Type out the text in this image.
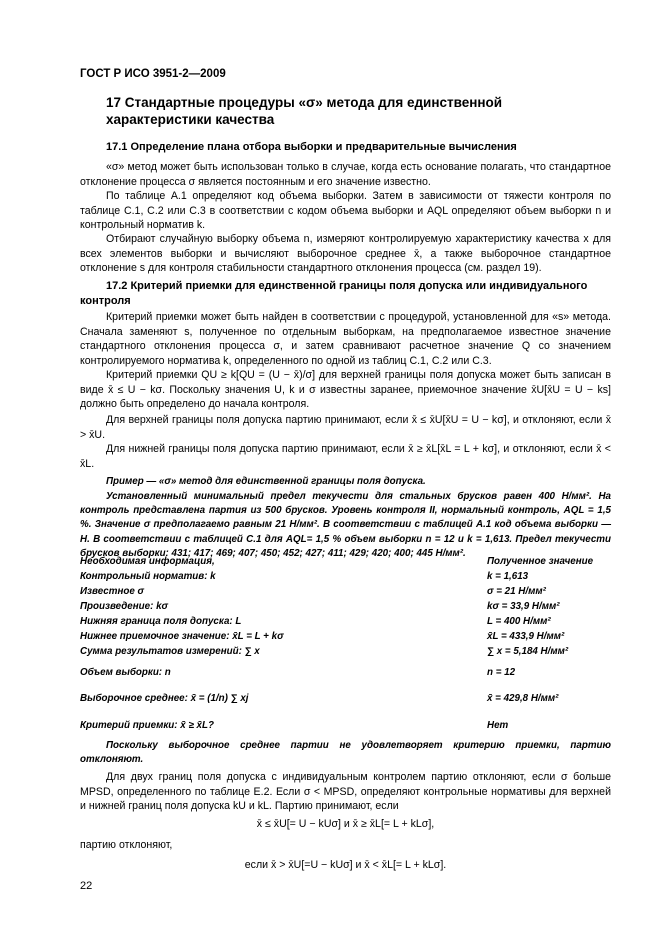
ГОСТ Р ИСО 3951-2—2009
17 Стандартные процедуры «σ» метода для единственной характеристики качества
17.1 Определение плана отбора выборки и предварительные вычисления
«σ» метод может быть использован только в случае, когда есть основание полагать, что стандартное отклонение процесса σ является постоянным и его значение известно.
По таблице А.1 определяют код объема выборки. Затем в зависимости от тяжести контроля по таблице С.1, С.2 или С.3 в соответствии с кодом объема выборки и AQL определяют объем выборки n и контрольный норматив k.
Отбирают случайную выборку объема n, измеряют контролируемую характеристику качества x для всех элементов выборки и вычисляют выборочное среднее x̄, а также выборочное стандартное отклонение s для контроля стабильности стандартного отклонения процесса (см. раздел 19).
17.2 Критерий приемки для единственной границы поля допуска или индивидуального контроля
Критерий приемки может быть найден в соответствии с процедурой, установленной для «s» метода. Сначала заменяют s, полученное по отдельным выборкам, на предполагаемое известное значение стандартного отклонения процесса σ, и затем сравнивают расчетное значение Q со значением контролируемого норматива k, определенного по одной из таблиц С.1, С.2 или С.3.
Критерий приемки QU ≥ k[QU = (U − x̄)/σ] для верхней границы поля допуска может быть записан в виде x̄ ≤ U − kσ. Поскольку значения U, k и σ известны заранее, приемочное значение x̄U[x̄U = U − ks] должно быть определено до начала контроля.
Для верхней границы поля допуска партию принимают, если x̄ ≤ x̄U[x̄U = U − kσ], и отклоняют, если x̄ > x̄U.
Для нижней границы поля допуска партию принимают, если x̄ ≥ x̄L[x̄L = L + kσ], и отклоняют, если x̄ < x̄L.
Пример — «σ» метод для единственной границы поля допуска.
Установленный минимальный предел текучести для стальных брусков равен 400 Н/мм². На контроль представлена партия из 500 брусков. Уровень контроля II, нормальный контроль, AQL = 1,5 %. Значение σ предполагаемо равным 21 Н/мм². В соответствии с таблицей А.1 код объема выборки — Н. В соответствии с таблицей С.1 для AQL= 1,5 % объем выборки n = 12 и k = 1,613. Предел текучести брусков выборки: 431; 417; 469; 407; 450; 452; 427; 411; 429; 420; 400; 445 Н/мм².
Необходимая информация,	Полученное значение
Контрольный норматив: k	k = 1,613
Известное σ	σ = 21 Н/мм²
Произведение: kσ	kσ = 33,9 Н/мм²
Нижняя граница поля допуска: L	L = 400 Н/мм²
Нижнее приемочное значение: x̄L = L + kσ	x̄L = 433,9 Н/мм²
Сумма результатов измерений: ∑ x	∑ x = 5,184 Н/мм²
Объем выборки: n	n = 12
Выборочное среднее: x̄ = (1/n) ∑ xj	x̄ = 429,8 Н/мм²
Критерий приемки: x̄ ≥ x̄L?	Нет
Поскольку выборочное среднее партии не удовлетворяет критерию приемки, партию отклоняют.
Для двух границ поля допуска с индивидуальным контролем партию отклоняют, если σ больше MPSD, определенного по таблице Е.2. Если σ < MPSD, определяют контрольные нормативы для верхней и нижней границ поля допуска kU и kL. Партию принимают, если
x̄ ≤ x̄U[= U − kUσ] и x̄ ≥ x̄L[= L + kLσ],
партию отклоняют,
если x̄ > x̄U[=U − kUσ] и x̄ < x̄L[= L + kLσ].
22
